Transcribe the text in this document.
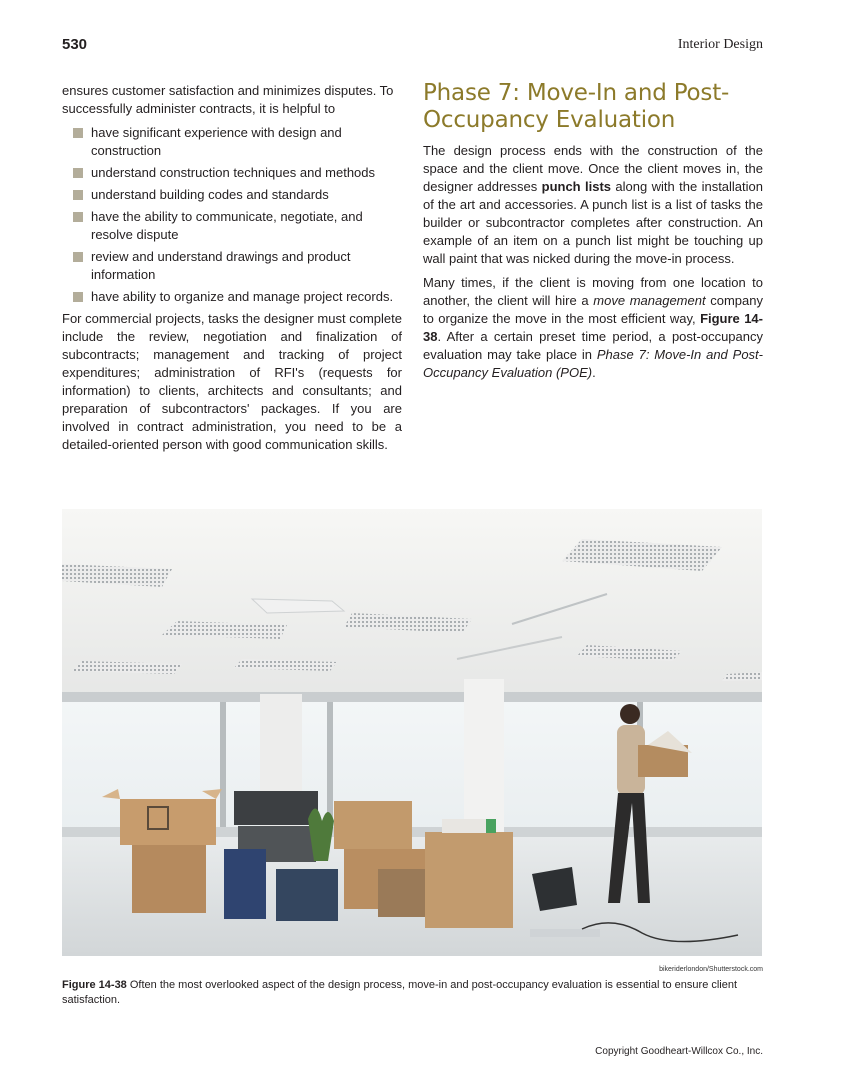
530	Interior Design

ensures customer satisfaction and minimizes disputes. To successfully administer contracts, it is helpful to

have significant experience with design and construction
understand construction techniques and methods
understand building codes and standards
have the ability to communicate, negotiate, and resolve dispute
review and understand drawings and product information
have ability to organize and manage project records.

For commercial projects, tasks the designer must complete include the review, negotiation and finalization of subcontracts; management and tracking of project expenditures; administration of RFI's (requests for information) to clients, architects and consultants; and preparation of subcontractors' packages. If you are involved in contract administration, you need to be a detailed-oriented person with good communication skills.

Phase 7: Move-In and Post-Occupancy Evaluation

The design process ends with the construction of the space and the client move. Once the client moves in, the designer addresses punch lists along with the installation of the art and accessories. A punch list is a list of tasks the builder or subcontractor completes after construction. An example of an item on a punch list might be touching up wall paint that was nicked during the move-in process.

Many times, if the client is moving from one location to another, the client will hire a move management company to organize the move in the most efficient way, Figure 14-38. After a certain preset time period, a post-occupancy evaluation may take place in Phase 7: Move-In and Post-Occupancy Evaluation (POE).

bikeriderlondon/Shutterstock.com
Figure 14-38 Often the most overlooked aspect of the design process, move-in and post-occupancy evaluation is essential to ensure client satisfaction.
Copyright Goodheart-Willcox Co., Inc.
